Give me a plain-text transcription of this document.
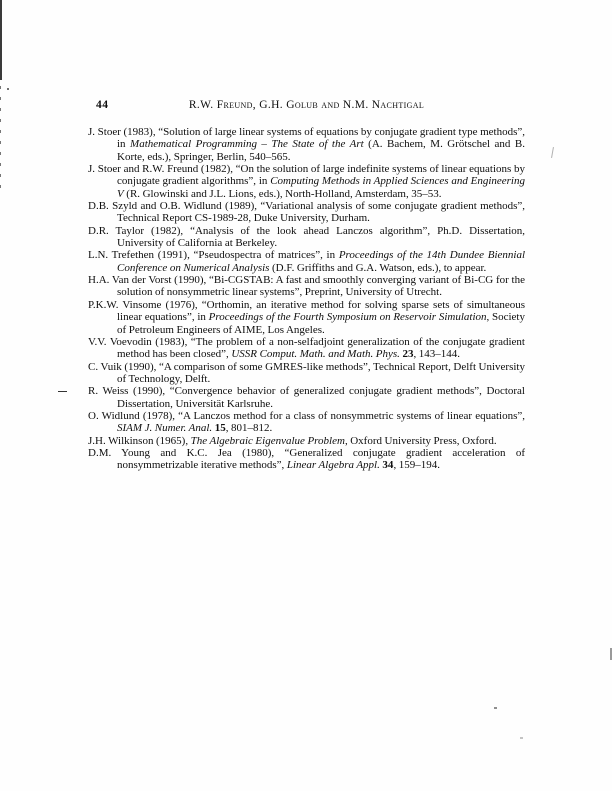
44	R.W. Freund, G.H. Golub and N.M. Nachtigal

J. Stoer (1983), “Solution of large linear systems of equations by conjugate gradient type methods”, in Mathematical Programming – The State of the Art (A. Bachem, M. Grötschel and B. Korte, eds.), Springer, Berlin, 540–565.

J. Stoer and R.W. Freund (1982), “On the solution of large indefinite systems of linear equations by conjugate gradient algorithms”, in Computing Methods in Applied Sciences and Engineering V (R. Glowinski and J.L. Lions, eds.), North-Holland, Amsterdam, 35–53.

D.B. Szyld and O.B. Widlund (1989), “Variational analysis of some conjugate gradient methods”, Technical Report CS-1989-28, Duke University, Durham.

D.R. Taylor (1982), “Analysis of the look ahead Lanczos algorithm”, Ph.D. Dissertation, University of California at Berkeley.

L.N. Trefethen (1991), “Pseudospectra of matrices”, in Proceedings of the 14th Dundee Biennial Conference on Numerical Analysis (D.F. Griffiths and G.A. Watson, eds.), to appear.

H.A. Van der Vorst (1990), “Bi-CGSTAB: A fast and smoothly converging variant of Bi-CG for the solution of nonsymmetric linear systems”, Preprint, University of Utrecht.

P.K.W. Vinsome (1976), “Orthomin, an iterative method for solving sparse sets of simultaneous linear equations”, in Proceedings of the Fourth Symposium on Reservoir Simulation, Society of Petroleum Engineers of AIME, Los Angeles.

V.V. Voevodin (1983), “The problem of a non-selfadjoint generalization of the conjugate gradient method has been closed”, USSR Comput. Math. and Math. Phys. 23, 143–144.

C. Vuik (1990), “A comparison of some GMRES-like methods”, Technical Report, Delft University of Technology, Delft.

R. Weiss (1990), “Convergence behavior of generalized conjugate gradient methods”, Doctoral Dissertation, Universität Karlsruhe.

O. Widlund (1978), “A Lanczos method for a class of nonsymmetric systems of linear equations”, SIAM J. Numer. Anal. 15, 801–812.

J.H. Wilkinson (1965), The Algebraic Eigenvalue Problem, Oxford University Press, Oxford.

D.M. Young and K.C. Jea (1980), “Generalized conjugate gradient acceleration of nonsymmetrizable iterative methods”, Linear Algebra Appl. 34, 159–194.
